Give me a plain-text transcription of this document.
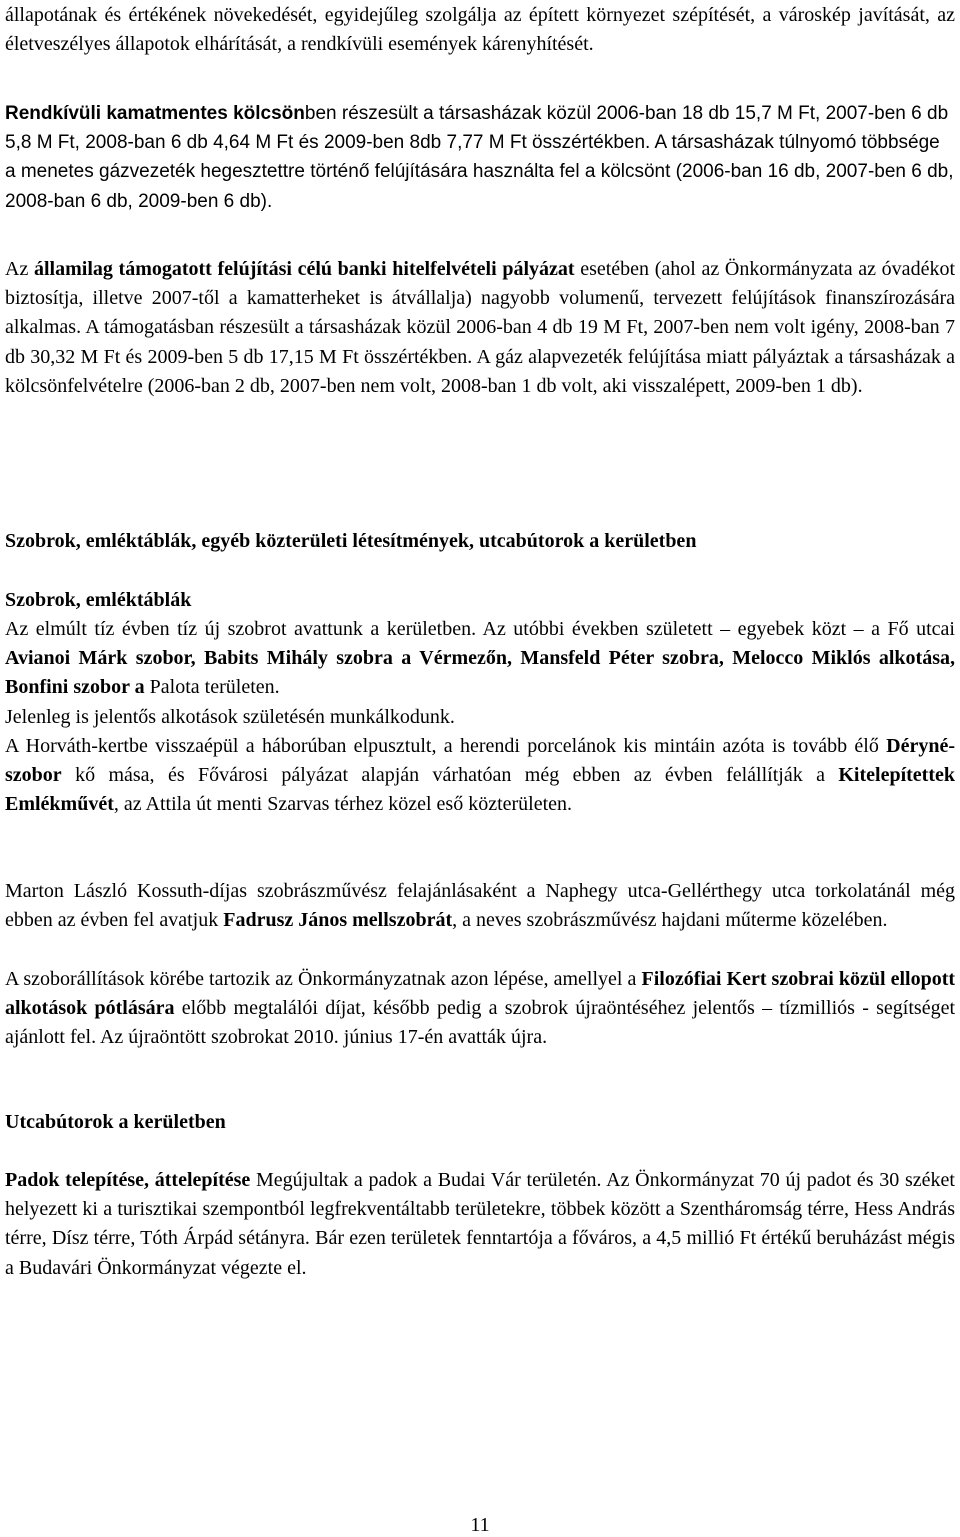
állapotának és értékének növekedését, egyidejűleg szolgálja az épített környezet szépítését, a városkép javítását, az életveszélyes állapotok elhárítását, a rendkívüli események kárenyhítését.

Rendkívüli kamatmentes kölcsönben részesült a társasházak közül 2006-ban 18 db 15,7 M Ft, 2007-ben 6 db 5,8 M Ft, 2008-ban 6 db 4,64 M Ft és 2009-ben 8db 7,77 M Ft összértékben. A társasházak túlnyomó többsége a menetes gázvezeték hegesztettre történő felújítására használta fel a kölcsönt (2006-ban 16 db, 2007-ben 6 db, 2008-ban 6 db, 2009-ben 6 db).

Az államilag támogatott felújítási célú banki hitelfelvételi pályázat esetében (ahol az Önkormányzata az óvadékot biztosítja, illetve 2007-től a kamatterheket is átvállalja) nagyobb volumenű, tervezett felújítások finanszírozására alkalmas. A támogatásban részesült a társasházak közül 2006-ban 4 db 19 M Ft, 2007-ben nem volt igény, 2008-ban 7 db 30,32 M Ft és 2009-ben 5 db 17,15 M Ft összértékben. A gáz alapvezeték felújítása miatt pályáztak a társasházak a kölcsönfelvételre (2006-ban 2 db, 2007-ben nem volt, 2008-ban 1 db volt, aki visszalépett, 2009-ben 1 db).

Szobrok, emléktáblák, egyéb közterületi létesítmények, utcabútorok a kerületben
Szobrok, emléktáblák

Az elmúlt tíz évben tíz új szobrot avattunk a kerületben. Az utóbbi években született – egyebek közt – a Fő utcai Avianoi Márk szobor, Babits Mihály szobra a Vérmezőn, Mansfeld Péter szobra, Melocco Miklós alkotása, Bonfini szobor a Palota területen.

Jelenleg is jelentős alkotások születésén munkálkodunk.

A Horváth-kertbe visszaépül a háborúban elpusztult, a herendi porcelánok kis mintáin azóta is tovább élő Déryné-szobor kő mása, és Fővárosi pályázat alapján várhatóan még ebben az évben felállítják a Kitelepítettek Emlékművét, az Attila út menti Szarvas térhez közel eső közterületen.

Marton László Kossuth-díjas szobrászművész felajánlásaként a Naphegy utca-Gellérthegy utca torkolatánál még ebben az évben fel avatjuk Fadrusz János mellszobrát, a neves szobrászművész hajdani műterme közelében.

A szoborállítások körébe tartozik az Önkormányzatnak azon lépése, amellyel a Filozófiai Kert szobrai közül ellopott alkotások pótlására előbb megtalálói díjat, később pedig a szobrok újraöntéséhez jelentős – tízmilliós - segítséget ajánlott fel. Az újraöntött szobrokat 2010. június 17-én avatták újra.

Utcabútorok a kerületben

Padok telepítése, áttelepítése Megújultak a padok a Budai Vár területén. Az Önkormányzat 70 új padot és 30 széket helyezett ki a turisztikai szempontból legfrekventáltabb területekre, többek között a Szentháromság térre, Hess András térre, Dísz térre, Tóth Árpád sétányra. Bár ezen területek fenntartója a főváros, a 4,5 millió Ft értékű beruházást mégis a Budavári Önkormányzat végezte el.

11
